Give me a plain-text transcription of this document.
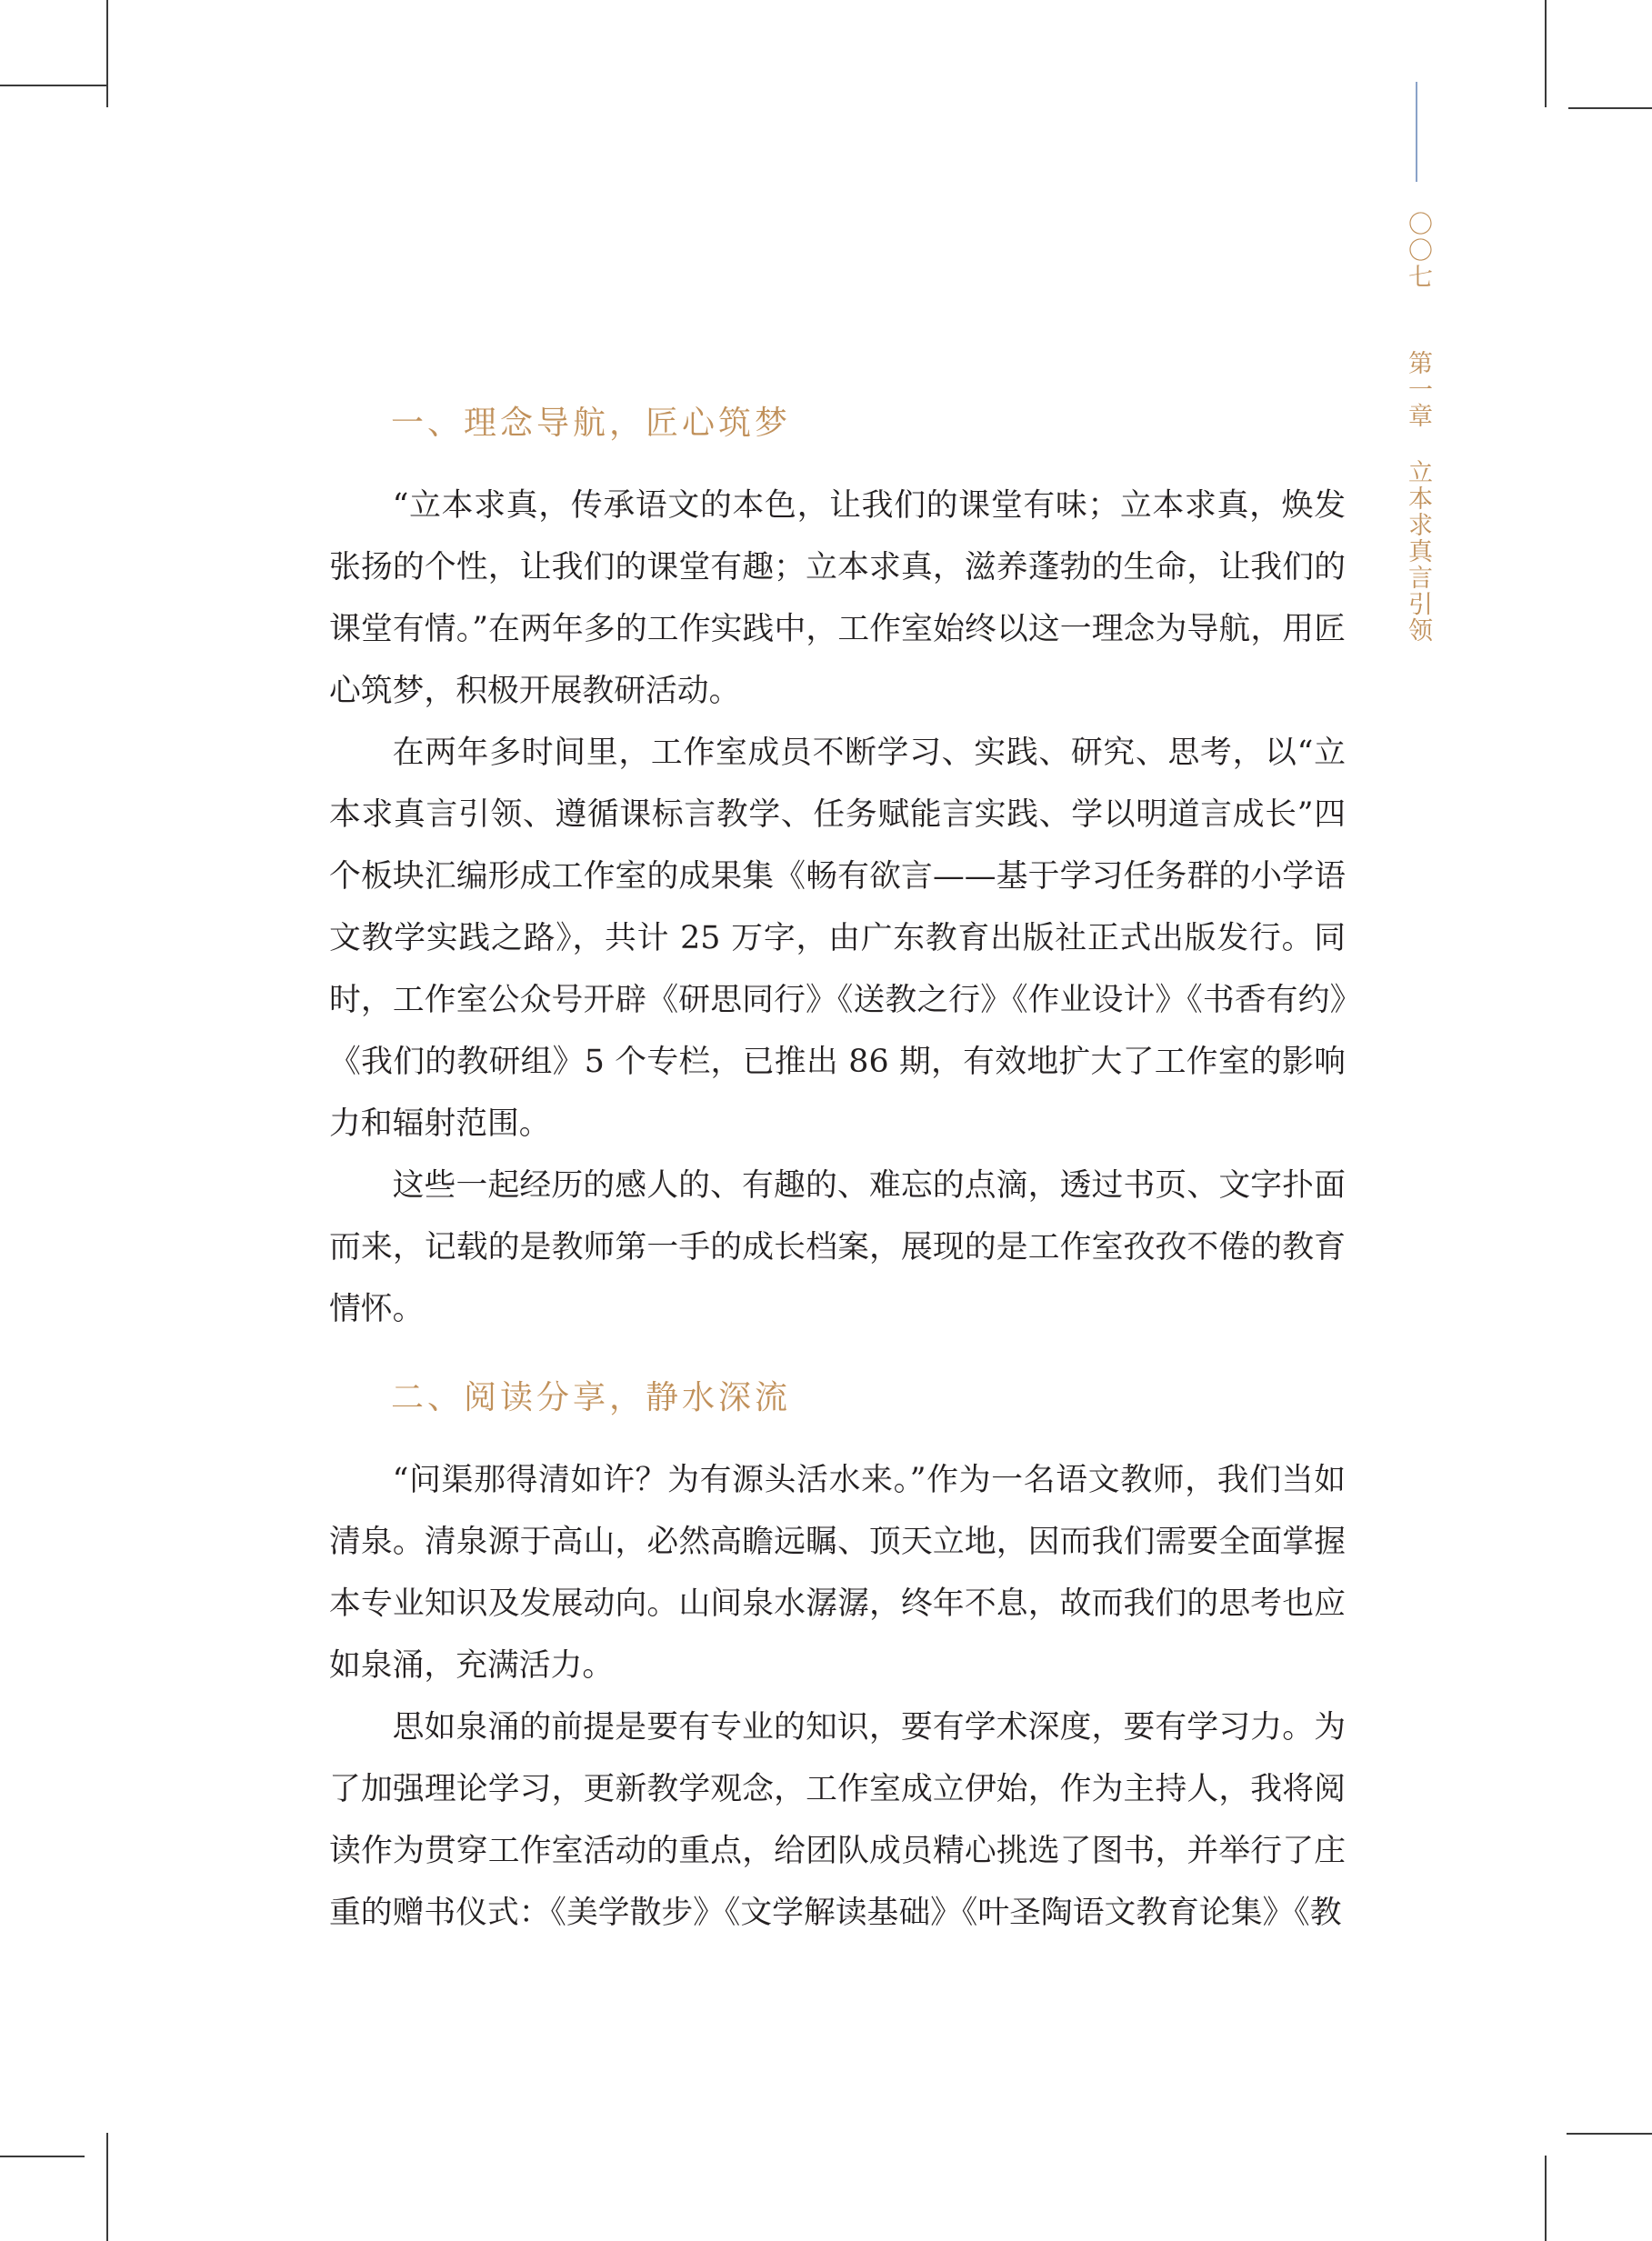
〇〇七
第一章 立本求真言引领
一、理念导航，匠心筑梦

“立本求真，传承语文的本色，让我们的课堂有味；立本求真，焕发张扬的个性，让我们的课堂有趣；立本求真，滋养蓬勃的生命，让我们的课堂有情。”在两年多的工作实践中，工作室始终以这一理念为导航，用匠心筑梦，积极开展教研活动。

在两年多时间里，工作室成员不断学习、实践、研究、思考，以“立本求真言引领、遵循课标言教学、任务赋能言实践、学以明道言成长”四个板块汇编形成工作室的成果集《畅有欲言——基于学习任务群的小学语文教学实践之路》，共计 25 万字，由广东教育出版社正式出版发行。同时，工作室公众号开辟《研思同行》《送教之行》《作业设计》《书香有约》《我们的教研组》5 个专栏，已推出 86 期，有效地扩大了工作室的影响力和辐射范围。

这些一起经历的感人的、有趣的、难忘的点滴，透过书页、文字扑面而来，记载的是教师第一手的成长档案，展现的是工作室孜孜不倦的教育情怀。

二、阅读分享，静水深流

“问渠那得清如许？为有源头活水来。”作为一名语文教师，我们当如清泉。清泉源于高山，必然高瞻远瞩、顶天立地，因而我们需要全面掌握本专业知识及发展动向。山间泉水潺潺，终年不息，故而我们的思考也应如泉涌，充满活力。

思如泉涌的前提是要有专业的知识，要有学术深度，要有学习力。为了加强理论学习，更新教学观念，工作室成立伊始，作为主持人，我将阅读作为贯穿工作室活动的重点，给团队成员精心挑选了图书，并举行了庄重的赠书仪式：《美学散步》《文学解读基础》《叶圣陶语文教育论集》《教
